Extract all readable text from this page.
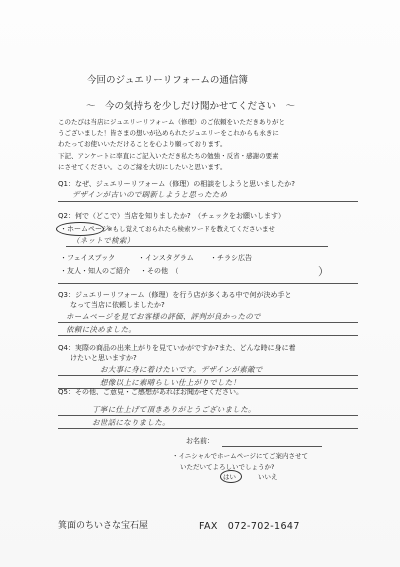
今回のジュエリーリフォームの通信簿
〜　今の気持ちを少しだけ聞かせてください　〜
このたびは当店にジュエリーリフォーム（修理）のご依頼をいただきありがと
うございました！皆さまの想いが込められたジュエリーをこれからも永きに
わたってお使いいただけることを心より願っております。
下記、アンケートに率直にご記入いただき私たちの勉強・反省・感謝の要素
にさせてください。このご縁を大切にしたいと思います。
Q1：なぜ、ジュエリーリフォーム（修理）の相談をしようと思いましたか?
デザインが古いので刷新しようと思ったため
Q2：何で（どこで）当店を知りましたか?　（チェックをお願いします）
・ホームページ
※もし覚えておられたら検索ワードを教えてくださいませ
（ネットで検索）
・フェイスブック	・インスタグラム ・チラシ広告
・友人・知人のご紹介 ・その他　（	）
Q3：ジュエリーリフォーム（修理）を行う店が多くある中で何が決め手と
なって当店に依頼しましたか?
ホームページを見てお客様の評価、評判が良かったので
依頼に決めました。
Q4：実際の商品の出来上がりを見ていかがですか?また、どんな時に身に着
けたいと思いますか?
お大事に身に着けたいです。デザインが素敵で
想像以上に素晴らしい仕上がりでした！
Q5：その他、ご意見・ご感想があればお聞かせください。
丁寧に仕上げて頂きありがとうございました。
お世話になりました。
お名前：
・イニシャルでホームページにてご案内させて
いただいてよろしいでしょうか?
はい	いいえ
箕面のちいさな宝石屋	FAX　072-702-1647
